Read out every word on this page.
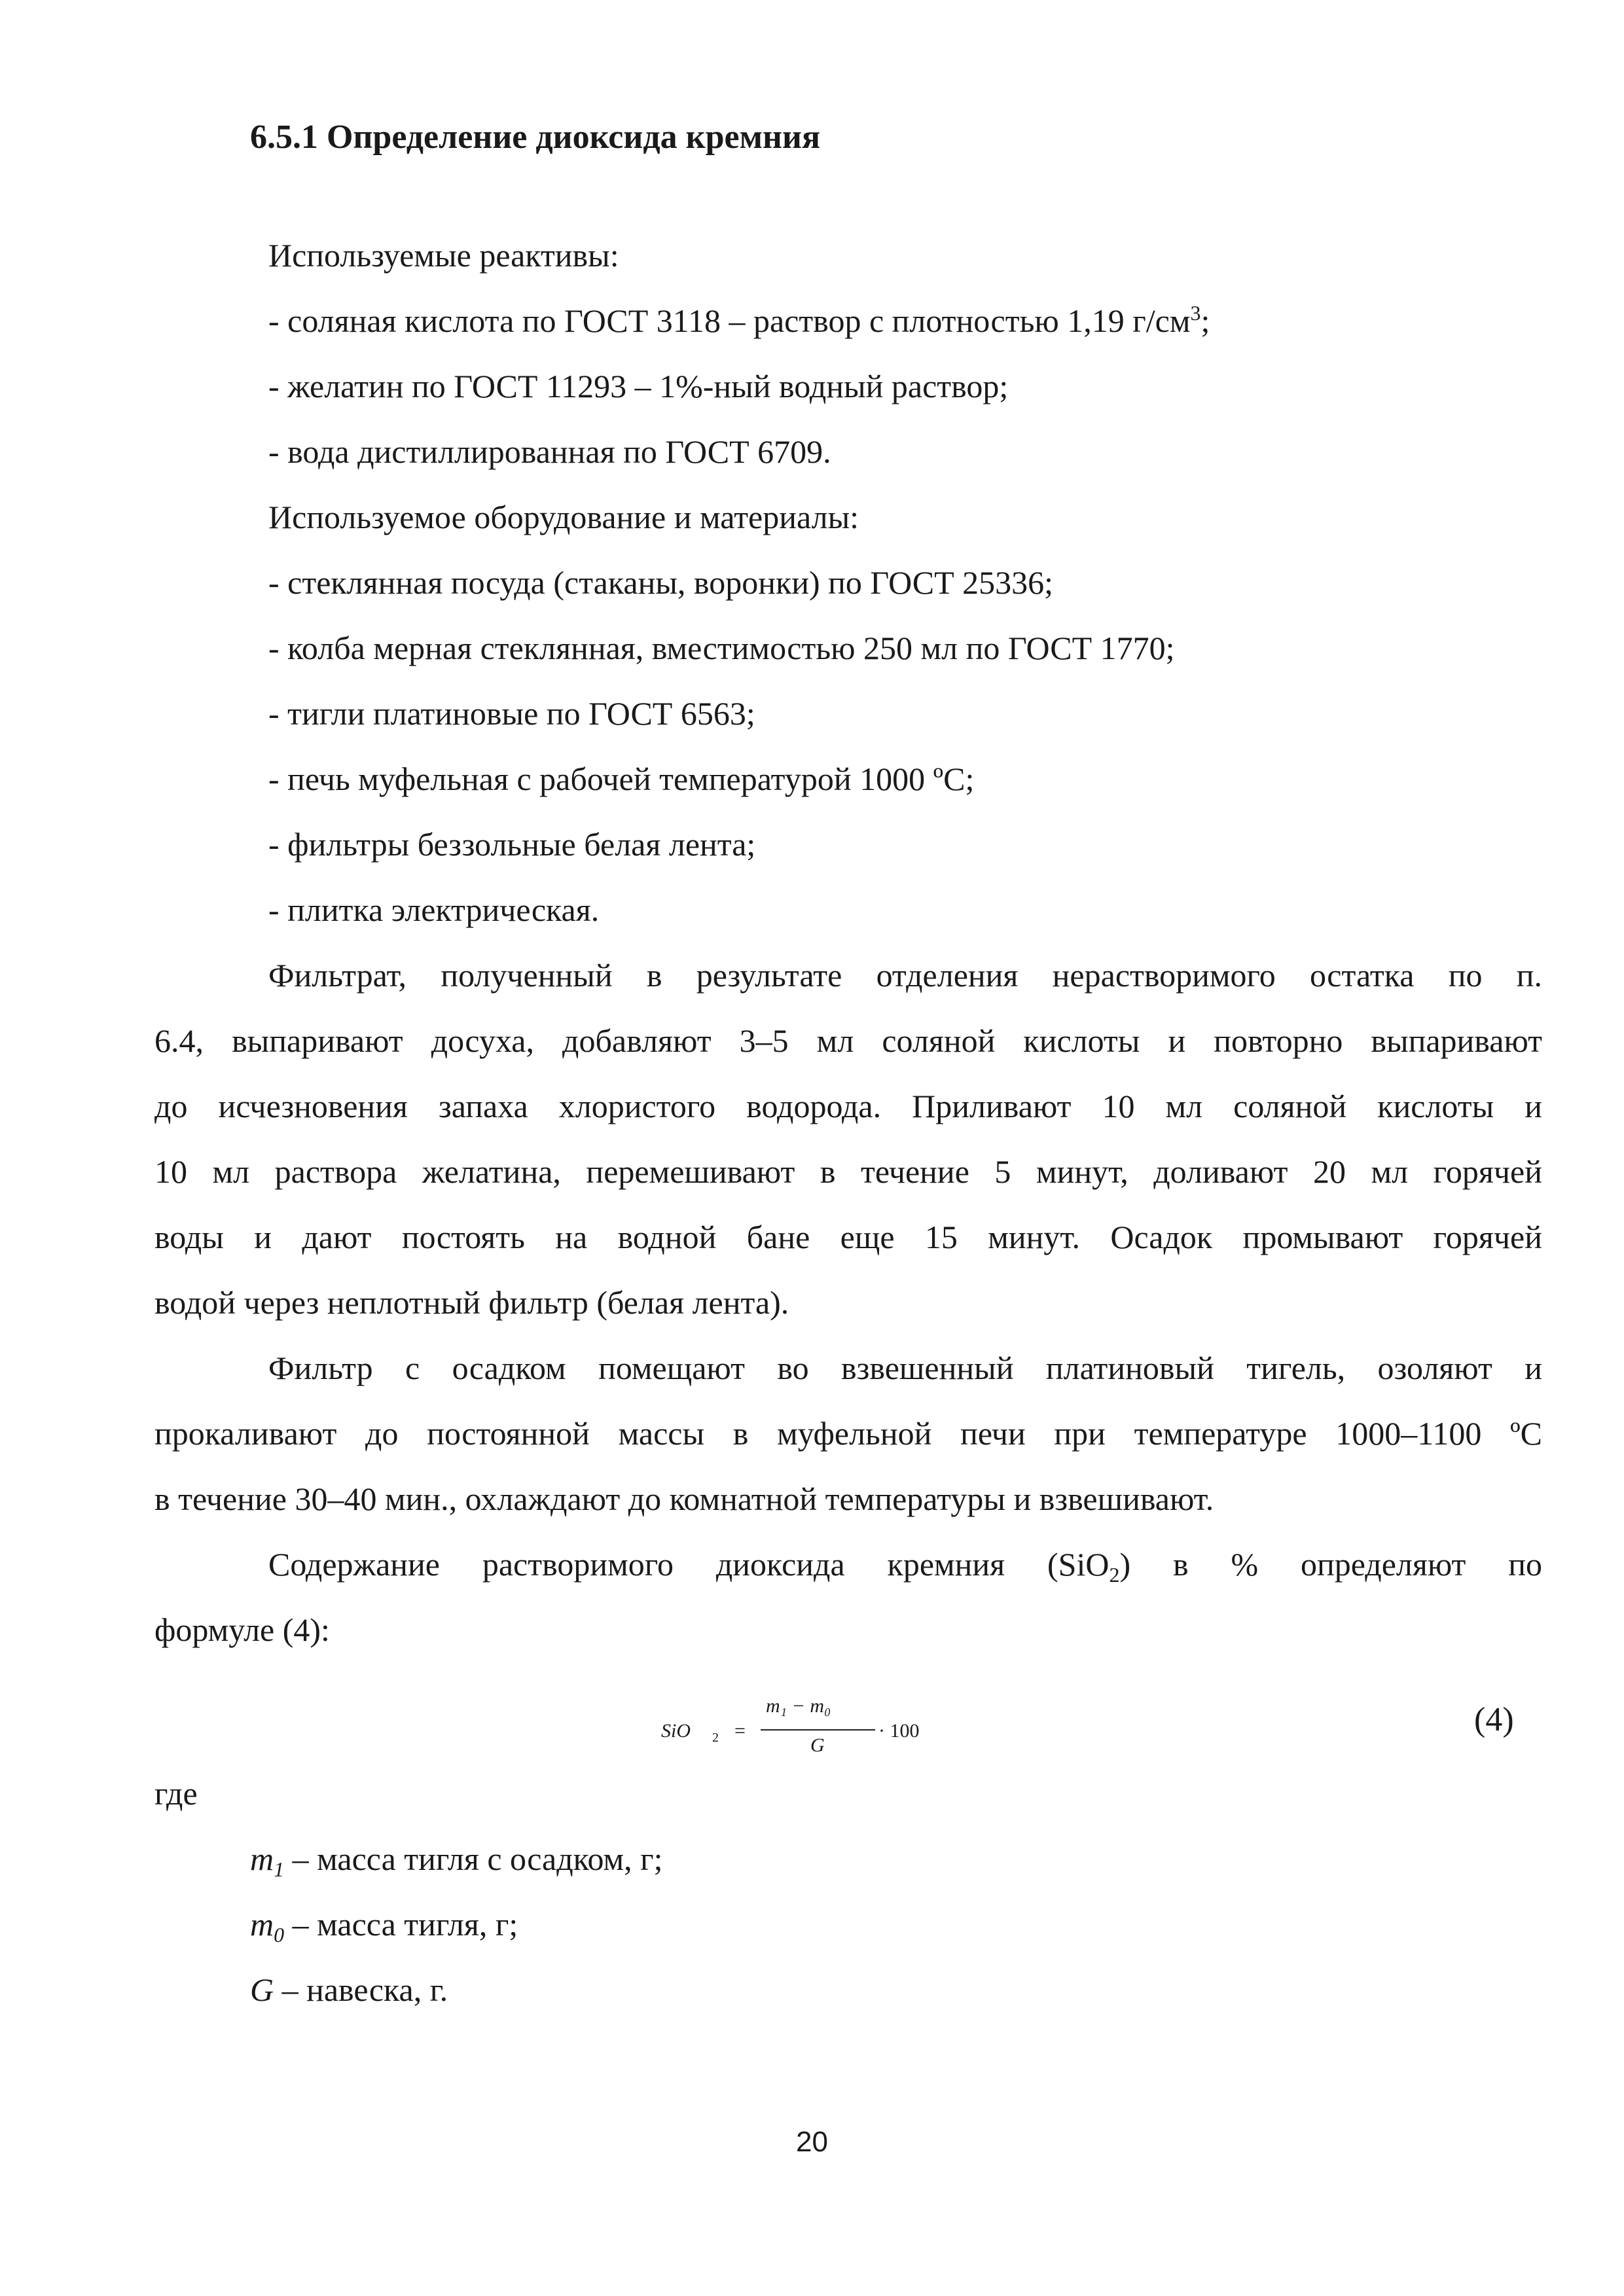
6.5.1 Определение диоксида кремния
Используемые реактивы:
- соляная кислота по ГОСТ 3118 – раствор с плотностью 1,19 $г/см^3$;
- желатин по ГОСТ 11293 – 1%-ный водный раствор;
- вода дистиллированная по ГОСТ 6709.
Используемое оборудование и материалы:
- стеклянная посуда (стаканы, воронки) по ГОСТ 25336;
- колба мерная стеклянная, вместимостью 250 мл по ГОСТ 1770;
- тигли платиновые по ГОСТ 6563;
- печь муфельная с рабочей температурой 1000 ºС;
- фильтры беззольные белая лента;
- плитка электрическая.
Фильтрат, полученный в результате отделения нерастворимого остатка по п.
6.4, выпаривают досуха, добавляют 3–5 мл соляной кислоты и повторно выпаривают
до исчезновения запаха хлористого водорода. Приливают 10 мл соляной кислоты и
10 мл раствора желатина, перемешивают в течение 5 минут, доливают 20 мл горячей
воды и дают постоять на водной бане еще 15 минут. Осадок промывают горячей
водой через неплотный фильтр (белая лента).
Фильтр с осадком помещают во взвешенный платиновый тигель, озоляют и
прокаливают до постоянной массы в муфельной печи при температуре 1000–1100 ºС
в течение 30–40 мин., охлаждают до комнатной температуры и взвешивают.
Содержание растворимого диоксида кремния (SiO$_2$) в % определяют по
формуле (4):
SiO 2 =
m₁ − m₀
G
· 100	(4)
где
$m_1$ – масса тигля с осадком, г;
$m_0$ – масса тигля, г;
G – навеска, г.
20
